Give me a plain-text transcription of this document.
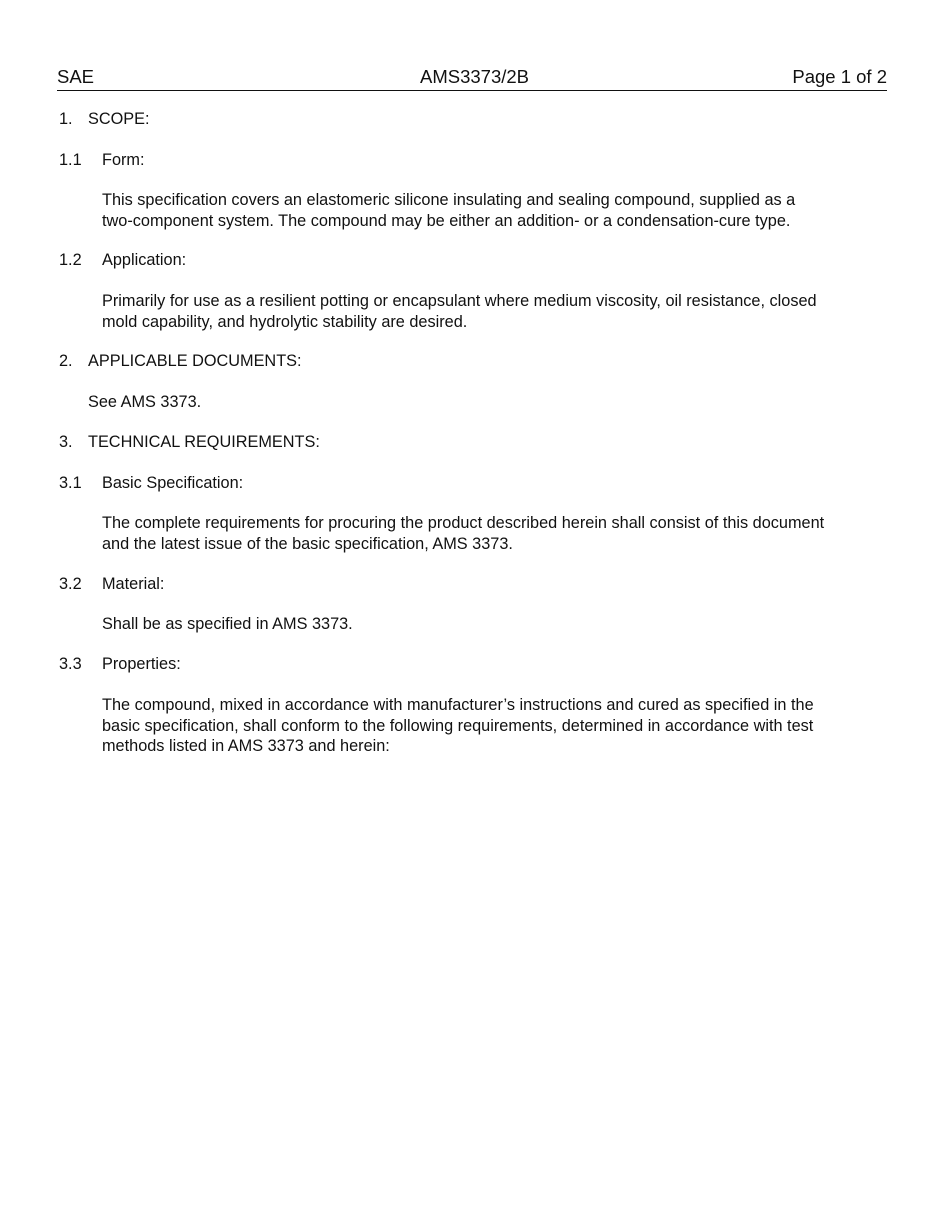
SAE	AMS3373/2B	Page 1 of 2
1. SCOPE:
1.1 Form:
This specification covers an elastomeric silicone insulating and sealing compound, supplied as a
two-component system. The compound may be either an addition- or a condensation-cure type.
1.2 Application:
Primarily for use as a resilient potting or encapsulant where medium viscosity, oil resistance, closed
mold capability, and hydrolytic stability are desired.
2. APPLICABLE DOCUMENTS:
See AMS 3373.
3. TECHNICAL REQUIREMENTS:
3.1 Basic Specification:
The complete requirements for procuring the product described herein shall consist of this document
and the latest issue of the basic specification, AMS 3373.
3.2 Material:
Shall be as specified in AMS 3373.
3.3 Properties:
The compound, mixed in accordance with manufacturer’s instructions and cured as specified in the
basic specification, shall conform to the following requirements, determined in accordance with test
methods listed in AMS 3373 and herein:
